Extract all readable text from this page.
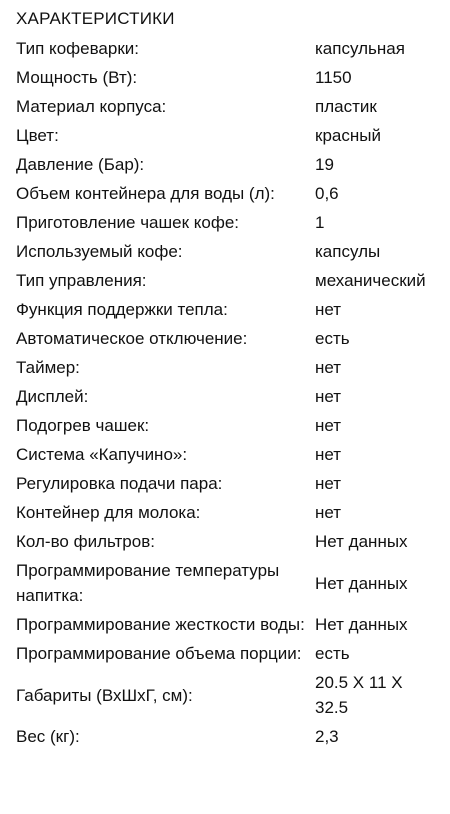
ХАРАКТЕРИСТИКИ
Тип кофеварки:	капсульная
Мощность (Вт):	1150
Материал корпуса:	пластик
Цвет:	красный
Давление (Бар):	19
Объем контейнера для воды (л):	0,6
Приготовление чашек кофе:	1
Используемый кофе:	капсулы
Тип управления:	механический
Функция поддержки тепла:	нет
Автоматическое отключение:	есть
Таймер:	нет
Дисплей:	нет
Подогрев чашек:	нет
Система «Капучино»:	нет
Регулировка подачи пара:	нет
Контейнер для молока:	нет
Кол-во фильтров:	Нет данных
Программирование температуры напитка:
Нет данных
Программирование жесткости воды: Нет данных
Программирование объема порции: есть
Габариты (ВхШхГ, см):
20.5 Х 11 Х 32.5
Вес (кг):	2,3
